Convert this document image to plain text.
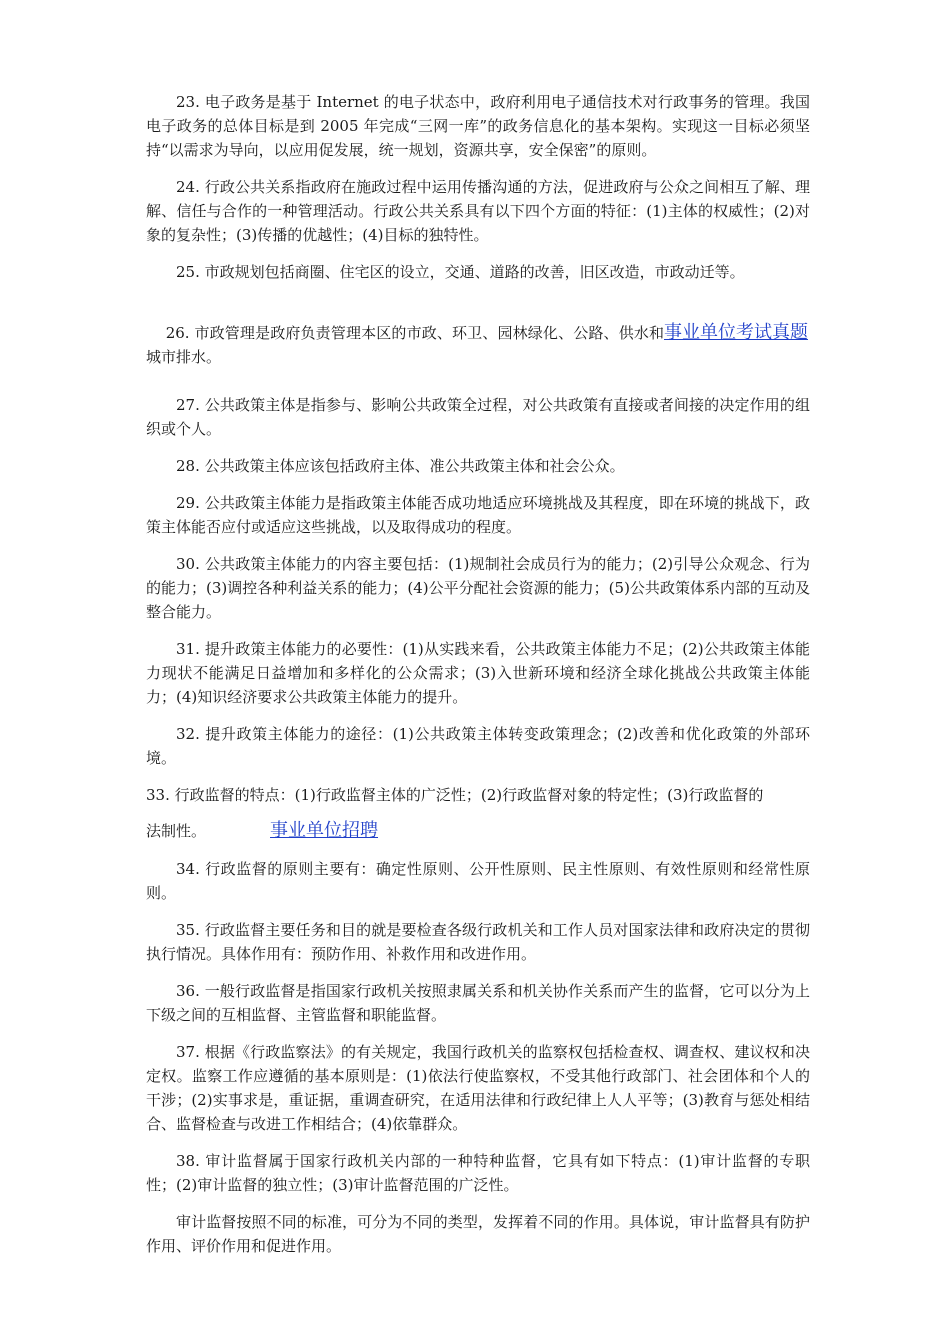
23. 电子政务是基于 Internet 的电子状态中，政府利用电子通信技术对行政事务的管理。我国电子政务的总体目标是到 2005 年完成“三网一库”的政务信息化的基本架构。实现这一目标必须坚持“以需求为导向，以应用促发展，统一规划，资源共享，安全保密”的原则。

24. 行政公共关系指政府在施政过程中运用传播沟通的方法，促进政府与公众之间相互了解、理解、信任与合作的一种管理活动。行政公共关系具有以下四个方面的特征：(1)主体的权威性；(2)对象的复杂性；(3)传播的优越性；(4)目标的独特性。

25. 市政规划包括商圈、住宅区的设立，交通、道路的改善，旧区改造，市政动迁等。

事业单位考试真题
26. 市政管理是政府负责管理本区的市政、环卫、园林绿化、公路、供水和城市排水。

27. 公共政策主体是指参与、影响公共政策全过程，对公共政策有直接或者间接的决定作用的组织或个人。

28. 公共政策主体应该包括政府主体、准公共政策主体和社会公众。

29. 公共政策主体能力是指政策主体能否成功地适应环境挑战及其程度，即在环境的挑战下，政策主体能否应付或适应这些挑战，以及取得成功的程度。

30. 公共政策主体能力的内容主要包括：(1)规制社会成员行为的能力；(2)引导公众观念、行为的能力；(3)调控各种利益关系的能力；(4)公平分配社会资源的能力；(5)公共政策体系内部的互动及整合能力。

31. 提升政策主体能力的必要性：(1)从实践来看，公共政策主体能力不足；(2)公共政策主体能力现状不能满足日益增加和多样化的公众需求；(3)入世新环境和经济全球化挑战公共政策主体能力；(4)知识经济要求公共政策主体能力的提升。

32. 提升政策主体能力的途径：(1)公共政策主体转变政策理念；(2)改善和优化政策的外部环境。

33. 行政监督的特点：(1)行政监督主体的广泛性；(2)行政监督对象的特定性；(3)行政监督的

法制性。	事业单位招聘

34. 行政监督的原则主要有：确定性原则、公开性原则、民主性原则、有效性原则和经常性原则。

35. 行政监督主要任务和目的就是要检查各级行政机关和工作人员对国家法律和政府决定的贯彻执行情况。具体作用有：预防作用、补救作用和改进作用。

36. 一般行政监督是指国家行政机关按照隶属关系和机关协作关系而产生的监督，它可以分为上下级之间的互相监督、主管监督和职能监督。

37. 根据《行政监察法》的有关规定，我国行政机关的监察权包括检查权、调查权、建议权和决定权。监察工作应遵循的基本原则是：(1)依法行使监察权，不受其他行政部门、社会团体和个人的干涉；(2)实事求是，重证据，重调查研究，在适用法律和行政纪律上人人平等；(3)教育与惩处相结合、监督检查与改进工作相结合；(4)依靠群众。

38. 审计监督属于国家行政机关内部的一种特种监督，它具有如下特点：(1)审计监督的专职性；(2)审计监督的独立性；(3)审计监督范围的广泛性。

审计监督按照不同的标准，可分为不同的类型，发挥着不同的作用。具体说，审计监督具有防护作用、评价作用和促进作用。
